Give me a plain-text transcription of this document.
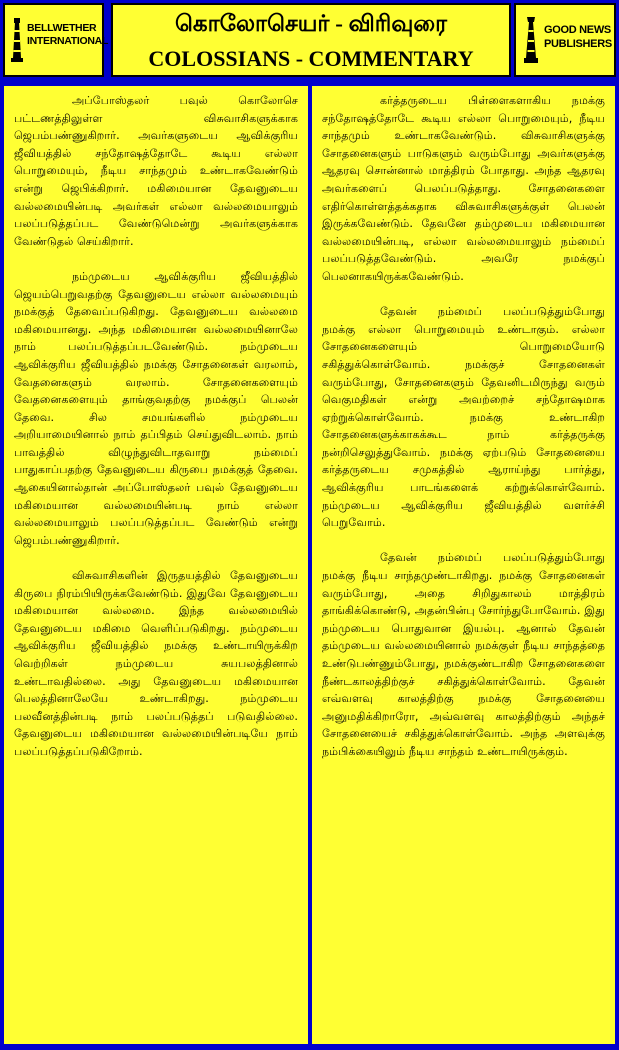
BELLWETHER
INTERNATIONAL
கொலோசெயர் - விரிவுரை
COLOSSIANS - COMMENTARY
GOOD NEWS
PUBLISHERS

அப்போஸ்தலர் பவுல் கொலோசெ பட்டணத்திலுள்ள விசுவாசிகளுக்காக ஜெபம்பண்ணுகிறார். அவர்களுடைய ஆவிக்குரிய ஜீவியத்தில் சந்தோஷத்தோடே கூடிய எல்லா பொறுமையும், நீடிய சாந்தமும் உண்டாகவேண்டும் என்று ஜெபிக்கிறார். மகிமையான தேவனுடைய வல்லமையின்படி அவர்கள் எல்லா வல்லமையாலும் பலப்படுத்தப்பட வேண்டுமென்று அவர்களுக்காக வேண்டுதல் செய்கிறார்.

நம்முடைய ஆவிக்குரிய ஜீவியத்தில் ஜெயம்பெறுவதற்கு தேவனுடைய எல்லா வல்லமையும் நமக்குத் தேவைப்படுகிறது. தேவனுடைய வல்லமை மகிமையானது. அந்த மகிமையான வல்லமையினாலே நாம் பலப்படுத்தப்படவேண்டும். நம்முடைய ஆவிக்குரிய ஜீவியத்தில் நமக்கு சோதனைகள் வரலாம், வேதனைகளும் வரலாம். சோதனைகளையும் வேதனைகளையும் தாங்குவதற்கு நமக்குப் பெலன் தேவை. சில சமயங்களில் நம்முடைய அறியாமையினால் நாம் தப்பிதம் செய்துவிடலாம். நாம் பாவத்தில் விழுந்துவிடாதவாறு நம்மைப் பாதுகாப்பதற்கு தேவனுடைய கிருபை நமக்குத் தேவை. ஆகையினால்தான் அப்போஸ்தலர் பவுல் தேவனுடைய மகிமையான வல்லமையின்படி நாம் எல்லா வல்லமையாலும் பலப்படுத்தப்பட வேண்டும் என்று ஜெபம்பண்ணுகிறார்.

விசுவாசிகளின் இருதயத்தில் தேவனுடைய கிருபை நிரம்பியிருக்கவேண்டும். இதுவே தேவனுடைய மகிமையான வல்லமை. இந்த வல்லமையில் தேவனுடைய மகிமை வெளிப்படுகிறது. நம்முடைய ஆவிக்குரிய ஜீவியத்தில் நமக்கு உண்டாயிருக்கிற வெற்றிகள் நம்முடைய சுயபலத்தினால் உண்டாவதில்லை. அது தேவனுடைய மகிமையான பெலத்தினாலேயே உண்டாகிறது. நம்முடைய பலவீனத்தின்படி நாம் பலப்படுத்தப் படுவதில்லை. தேவனுடைய மகிமையான வல்லமையின்படியே நாம் பலப்படுத்தப்படுகிறோம்.

கர்த்தருடைய பிள்ளைகளாகிய நமக்கு சந்தோஷத்தோடே கூடிய எல்லா பொறுமையும், நீடிய சாந்தமும் உண்டாகவேண்டும். விசுவாசிகளுக்கு சோதனைகளும் பாடுகளும் வரும்போது அவர்களுக்கு ஆதரவு சொன்னால் மாத்திரம் போதாது. அந்த ஆதரவு அவர்களைப் பெலப்படுத்தாது. சோதனைகளை எதிர்கொள்ளத்தக்கதாக விசுவாசிகளுக்குள் பெலன் இருக்கவேண்டும். தேவனே தம்முடைய மகிமையான வல்லமையின்படி, எல்லா வல்லமையாலும் நம்மைப் பலப்படுத்தவேண்டும். அவரே நமக்குப் பெலனாகயிருக்கவேண்டும்.

தேவன் நம்மைப் பலப்படுத்தும்போது நமக்கு எல்லா பொறுமையும் உண்டாகும். எல்லா சோதனைகளையும் பொறுமையோடு சகித்துக்கொள்வோம். நமக்குச் சோதனைகள் வரும்போது, சோதனைகளும் தேவனிடமிருந்து வரும் வெகுமதிகள் என்று அவற்றைச் சந்தோஷமாக ஏற்றுக்கொள்வோம். நமக்கு உண்டாகிற சோதனைகளுக்காகக்கூட நாம் கர்த்தருக்கு நன்றிசெலுத்துவோம். நமக்கு ஏற்படும் சோதனையை கர்த்தருடைய சமுகத்தில் ஆராய்ந்து பார்த்து, ஆவிக்குரிய பாடங்களைக் கற்றுக்கொள்வோம். நம்முடைய ஆவிக்குரிய ஜீவியத்தில் வளர்ச்சி பெறுவோம்.

தேவன் நம்மைப் பலப்படுத்தும்போது நமக்கு நீடிய சாந்தமுண்டாகிறது. நமக்கு சோதனைகள் வரும்போது, அதை சிறிதுகாலம் மாத்திரம் தாங்கிக்கொண்டு, அதன்பின்பு சோர்ந்துபோவோம். இது நம்முடைய பொதுவான இயல்பு. ஆனால் தேவன் தம்முடைய வல்லமையினால் நமக்குள் நீடிய சாந்தத்தை உண்டுபண்ணும்போது, நமக்குண்டாகிற சோதனைகளை நீண்டகாலத்திற்குச் சகித்துக்கொள்வோம். தேவன் எவ்வளவு காலத்திற்கு நமக்கு சோதனையை அனுமதிக்கிறாரோ, அவ்வளவு காலத்திற்கும் அந்தச் சோதனையைச் சகித்துக்கொள்வோம். அந்த அளவுக்கு நம்பிக்கையிலும் நீடிய சாந்தம் உண்டாயிருக்கும்.
